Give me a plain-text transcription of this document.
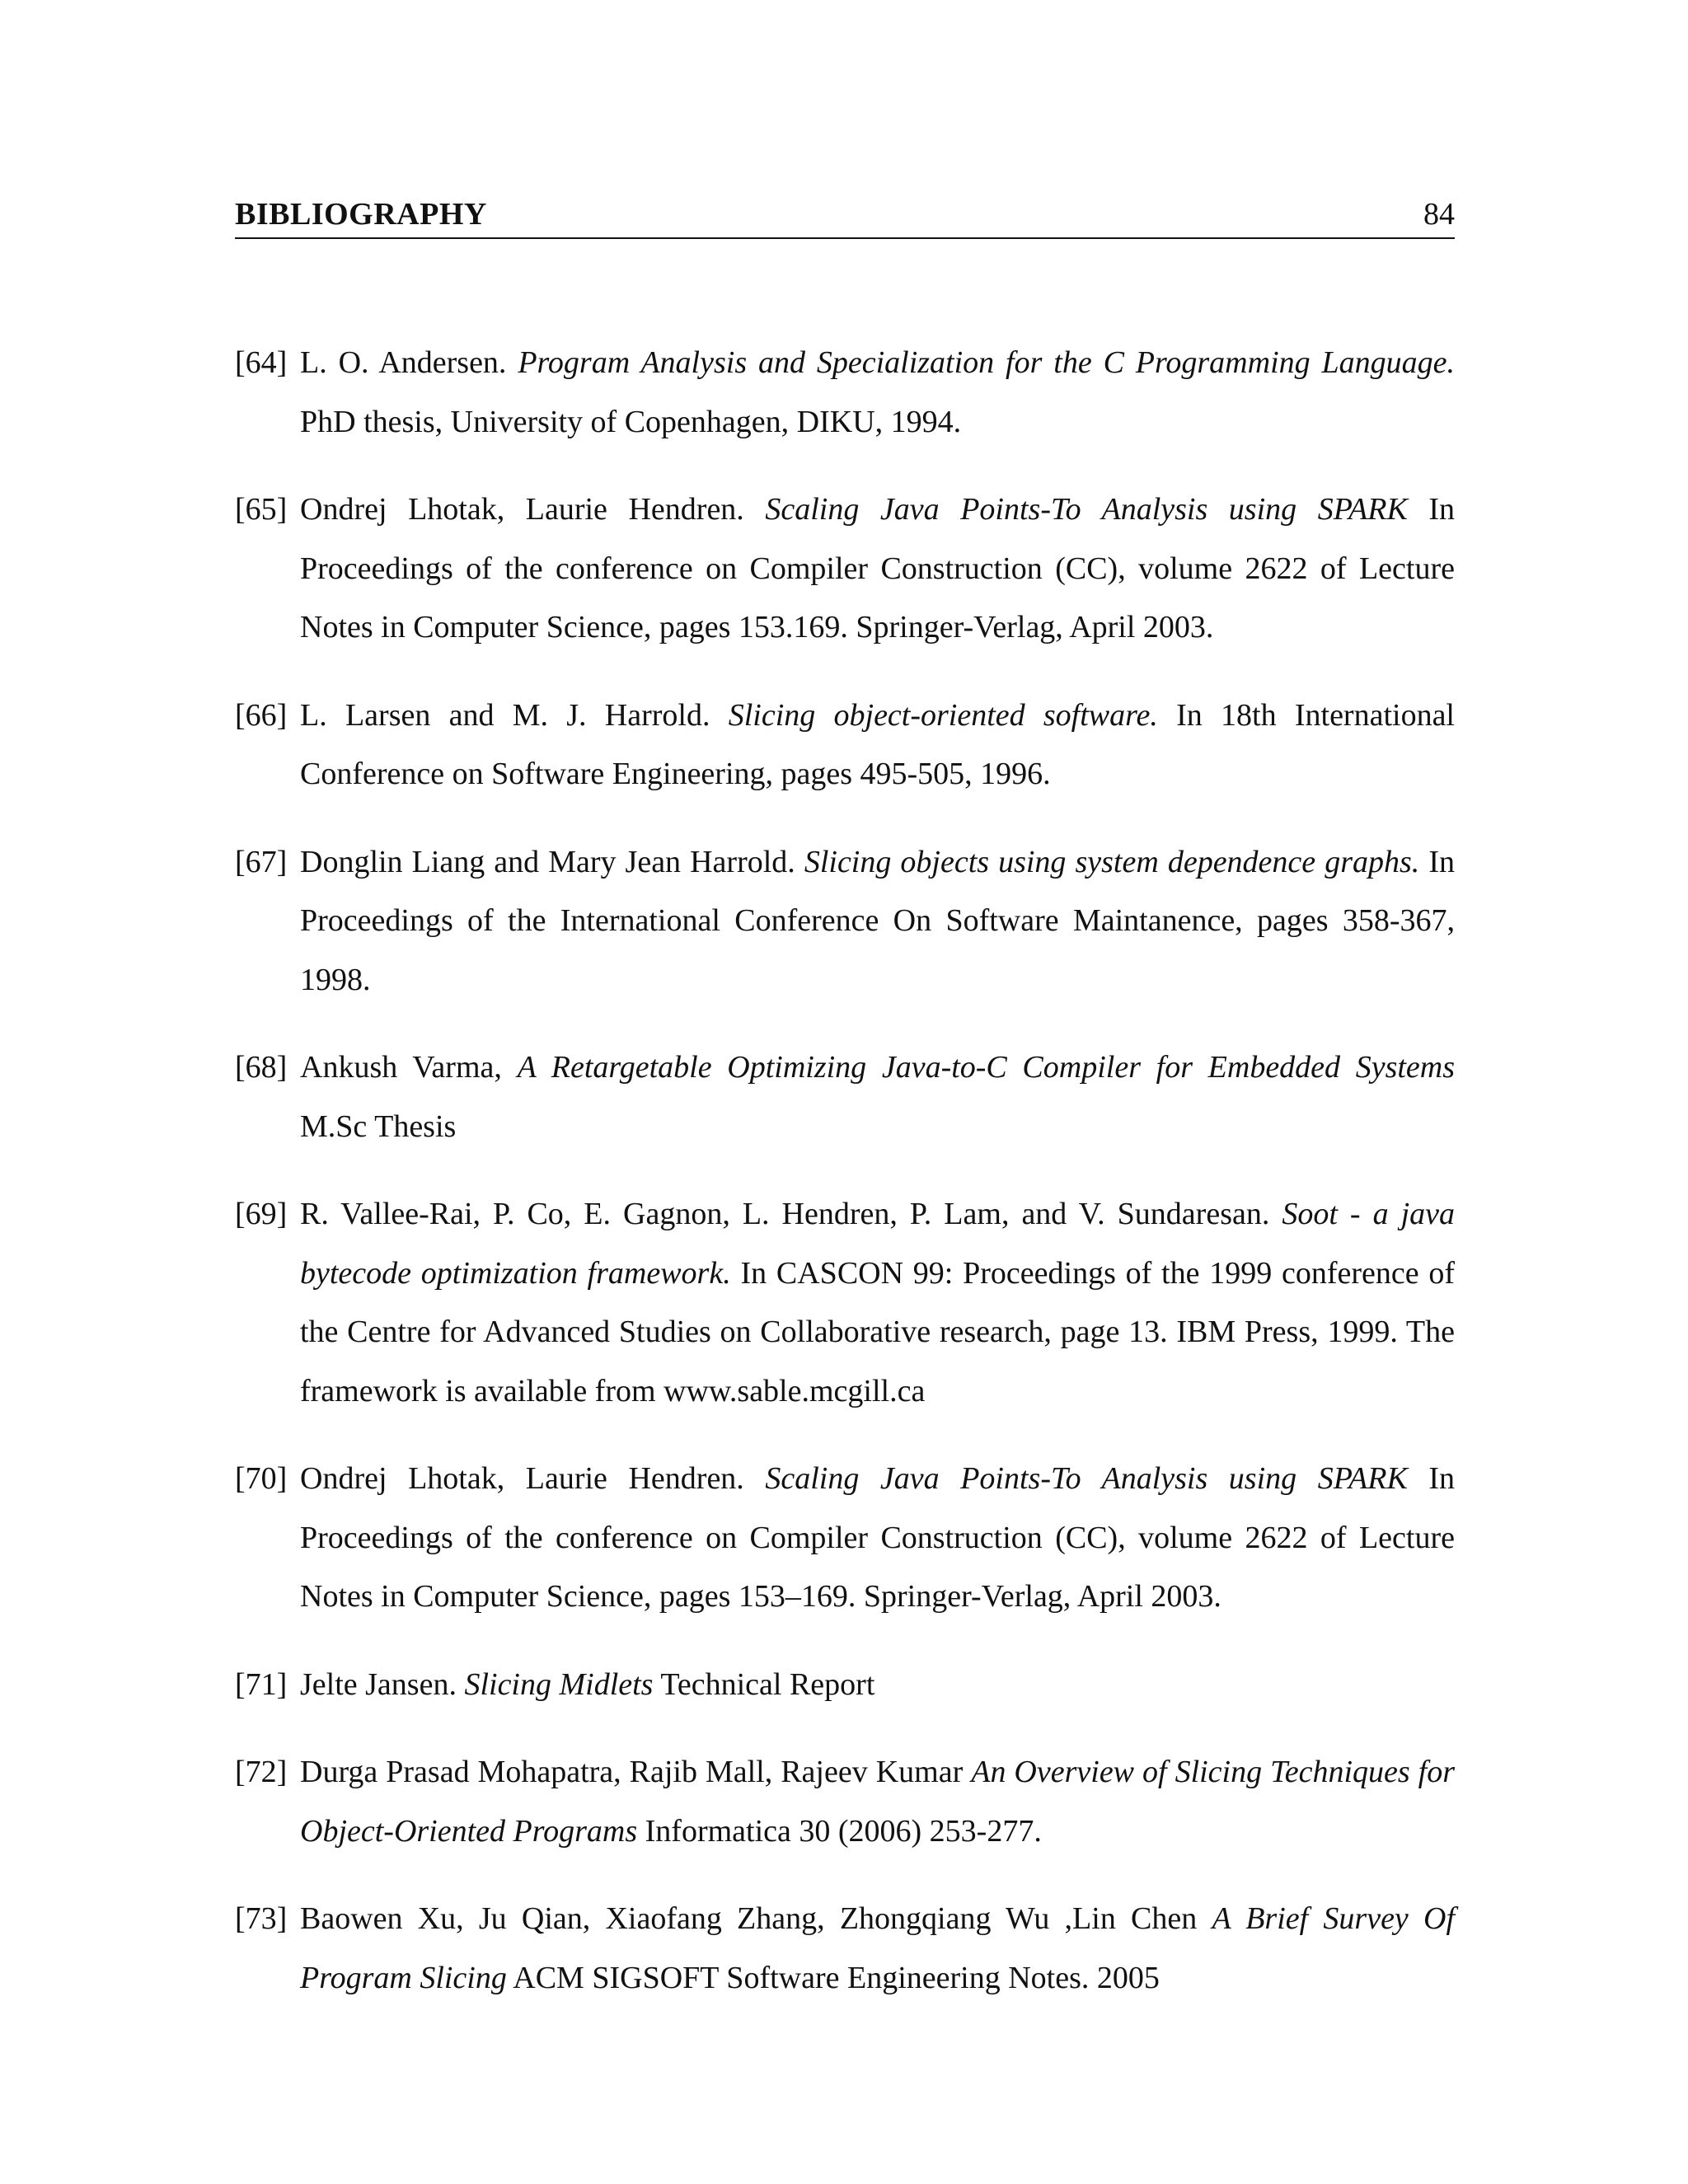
BIBLIOGRAPHY	84
[64] L. O. Andersen. Program Analysis and Specialization for the C Programming Language. PhD thesis, University of Copenhagen, DIKU, 1994.
[65] Ondrej Lhotak, Laurie Hendren. Scaling Java Points-To Analysis using SPARK In Proceedings of the conference on Compiler Construction (CC), volume 2622 of Lecture Notes in Computer Science, pages 153.169. Springer-Verlag, April 2003.
[66] L. Larsen and M. J. Harrold. Slicing object-oriented software. In 18th International Conference on Software Engineering, pages 495-505, 1996.
[67] Donglin Liang and Mary Jean Harrold. Slicing objects using system dependence graphs. In Proceedings of the International Conference On Software Maintanence, pages 358-367, 1998.
[68] Ankush Varma, A Retargetable Optimizing Java-to-C Compiler for Embedded Systems M.Sc Thesis
[69] R. Vallee-Rai, P. Co, E. Gagnon, L. Hendren, P. Lam, and V. Sundaresan. Soot - a java bytecode optimization framework. In CASCON 99: Proceedings of the 1999 conference of the Centre for Advanced Studies on Collaborative research, page 13. IBM Press, 1999. The framework is available from www.sable.mcgill.ca
[70] Ondrej Lhotak, Laurie Hendren. Scaling Java Points-To Analysis using SPARK In Proceedings of the conference on Compiler Construction (CC), volume 2622 of Lecture Notes in Computer Science, pages 153–169. Springer-Verlag, April 2003.
[71] Jelte Jansen. Slicing Midlets Technical Report
[72] Durga Prasad Mohapatra, Rajib Mall, Rajeev Kumar An Overview of Slicing Techniques for Object-Oriented Programs Informatica 30 (2006) 253-277.
[73] Baowen Xu, Ju Qian, Xiaofang Zhang, Zhongqiang Wu ,Lin Chen A Brief Survey Of Program Slicing ACM SIGSOFT Software Engineering Notes. 2005
